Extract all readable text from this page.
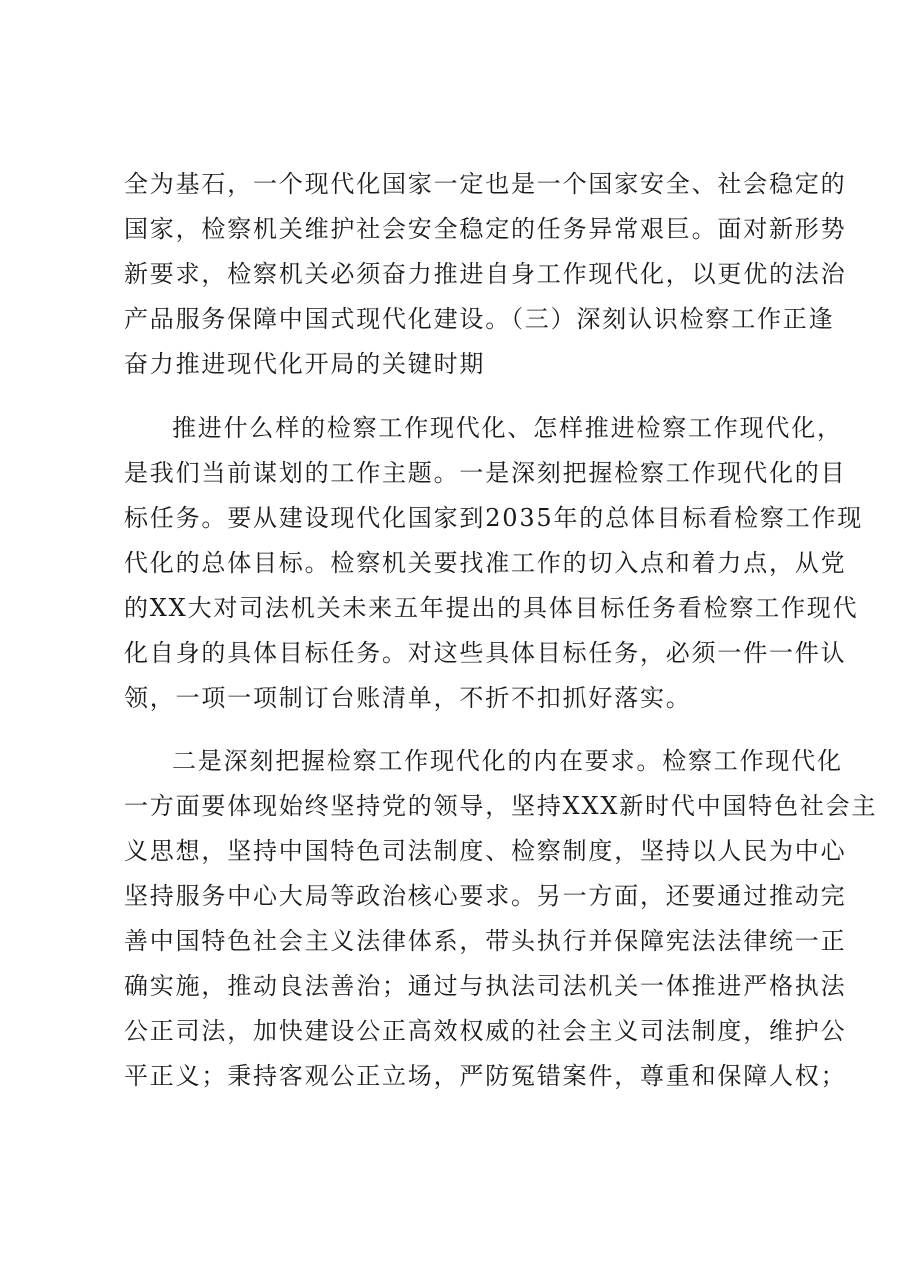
全为基石，一个现代化国家一定也是一个国家安全、社会稳定的
国家，检察机关维护社会安全稳定的任务异常艰巨。面对新形势
新要求，检察机关必须奋力推进自身工作现代化，以更优的法治
产品服务保障中国式现代化建设。（三）深刻认识检察工作正逢
奋力推进现代化开局的关键时期
推进什么样的检察工作现代化、怎样推进检察工作现代化，
是我们当前谋划的工作主题。一是深刻把握检察工作现代化的目
标任务。要从建设现代化国家到2035年的总体目标看检察工作现
代化的总体目标。检察机关要找准工作的切入点和着力点，从党
的XX大对司法机关未来五年提出的具体目标任务看检察工作现代
化自身的具体目标任务。对这些具体目标任务，必须一件一件认
领，一项一项制订台账清单，不折不扣抓好落实。
二是深刻把握检察工作现代化的内在要求。检察工作现代化
一方面要体现始终坚持党的领导，坚持XXX新时代中国特色社会主
义思想，坚持中国特色司法制度、检察制度，坚持以人民为中心
坚持服务中心大局等政治核心要求。另一方面，还要通过推动完
善中国特色社会主义法律体系，带头执行并保障宪法法律统一正
确实施，推动良法善治；通过与执法司法机关一体推进严格执法
公正司法，加快建设公正高效权威的社会主义司法制度，维护公
平正义；秉持客观公正立场，严防冤错案件，尊重和保障人权；
